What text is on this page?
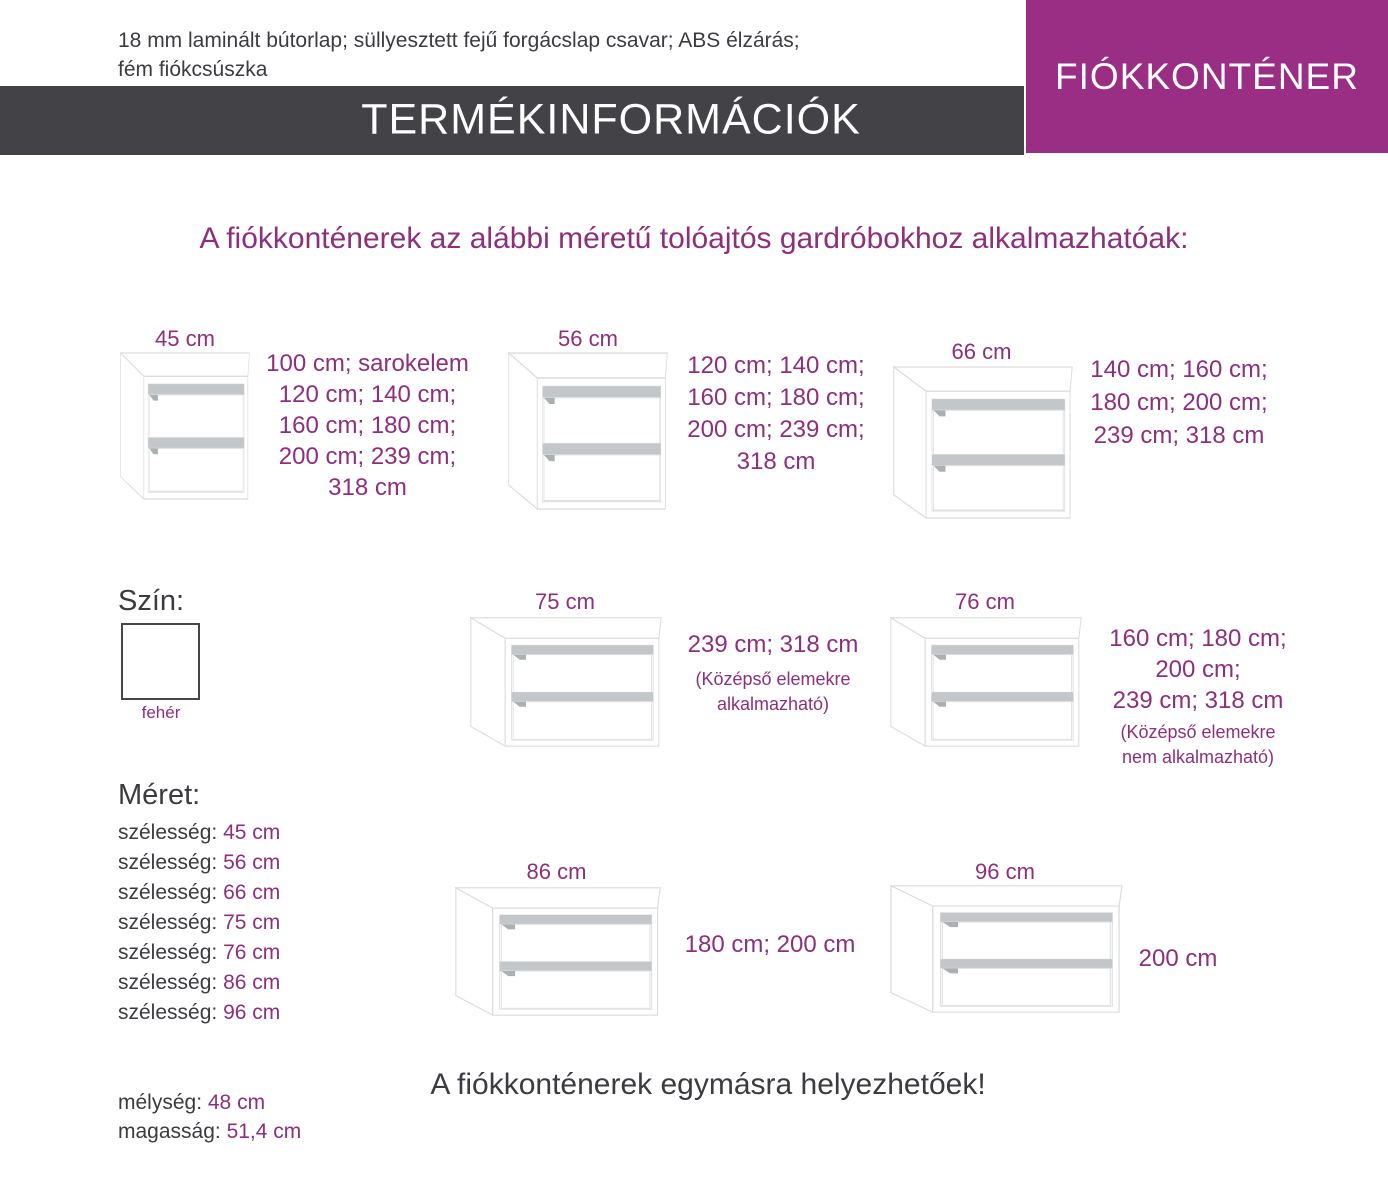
18 mm laminált bútorlap; süllyesztett fejű forgácslap csavar; ABS élzárás;
fém fiókcsúszka
TERMÉKINFORMÁCIÓK
FIÓKKONTÉNER
A fiókkonténerek az alábbi méretű tolóajtós gardróbokhoz alkalmazhatóak:
45 cm
100 cm; sarokelem
120 cm; 140 cm;
160 cm; 180 cm;
200 cm; 239 cm;
318 cm
56 cm
120 cm; 140 cm;
160 cm; 180 cm;
200 cm; 239 cm;
318 cm
66 cm
140 cm; 160 cm;
180 cm; 200 cm;
239 cm; 318 cm
75 cm
239 cm; 318 cm
(Középső elemekre
alkalmazható)
76 cm
160 cm; 180 cm;
200 cm;
239 cm; 318 cm
(Középső elemekre
nem alkalmazható)
86 cm
180 cm; 200 cm
96 cm
200 cm
Szín:
fehér
Méret:
szélesség: 45 cm
szélesség: 56 cm
szélesség: 66 cm
szélesség: 75 cm
szélesség: 76 cm
szélesség: 86 cm
szélesség: 96 cm
mélység: 48 cm
magasság: 51,4 cm
A fiókkonténerek egymásra helyezhetőek!
